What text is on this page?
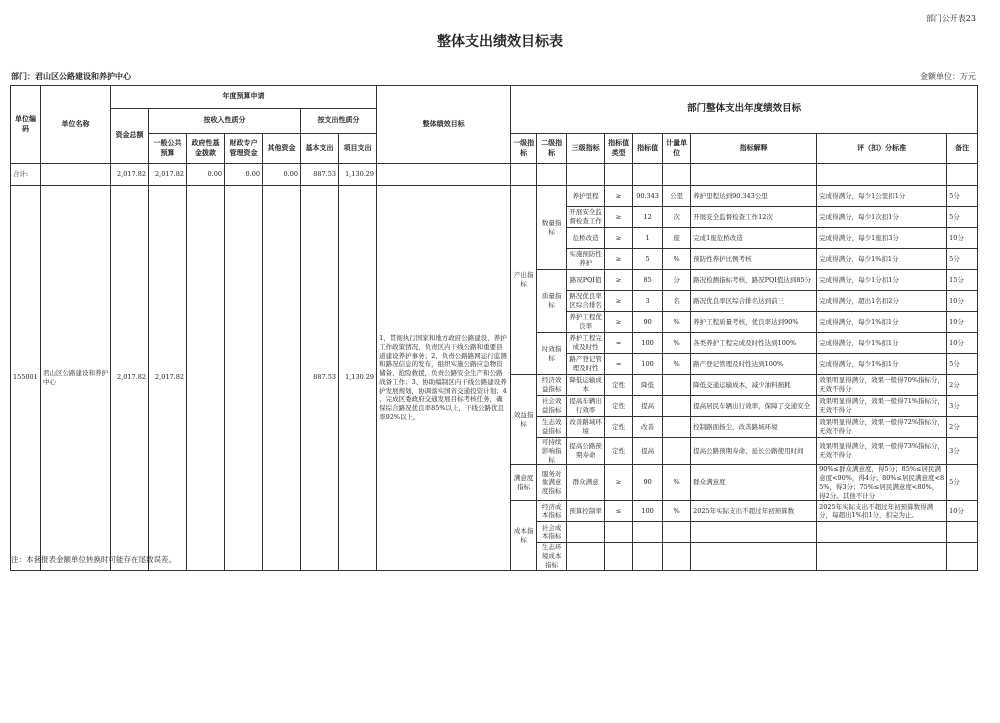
部门公开表23
整体支出绩效目标表
部门：君山区公路建设和养护中心	金额单位：万元
单位编码	单位名称	年度预算申请							整体绩效目标	部门整体支出年度绩效目标								
		资金总额	按收入性质分				按支出性质分											
			一般公共预算	政府性基金拨款	财政专户管理资金	其他资金	基本支出	项目支出		一级指标	二级指标	三级指标	指标值类型	指标值	计量单位	指标解释	评（扣）分标准	备注
合计:		2,017.82	2,017.82	0.00	0.00	0.00	887.53	1,130.29										
155001	君山区公路建设和养护中心	2,017.82	2,017.82				887.53	1,130.29	1、贯彻执行国家和地方政府公路建设、养护工作政策情况，负责区内干线公路和重要县道建设养护事务；2、负责公路路网运行监测和路况信息的发布，组织实施公路应急物资储备、抢险救援，负责公路安全生产和公路战备工作；3、协助编制区内干线公路建设养护发展规划，协调落实国省交通投资计划；4 、完成区委政府交通发展目标考核任务，确保综合路况优良率85%以上，干线公路优良率92%以上。	产出指标	数量指标	养护里程	≥	90.343	公里	养护里程达到90.343公里	完成得满分，每少1公里扣1分	5分
												开展安全监督检查工作	≥	12	次	开展安全监督检查工作12次	完成得满分，每少1次扣1分	5分
												危桥改造	≥	1	座	完成1座危桥改造	完成得满分，每少1座扣3分	10分
												实施预防性养护	≥	5	%	预防性养护比例考核	完成得满分，每少1%扣1分	5分
											质量指标	路况PQI值	≥	85	分	路况检测指标考核，路况PQI值达到85分	完成得满分，每少1分扣1分	15分
												路况优良率区综合排名	≥	3	名	路况优良率区综合排名达到前三	完成得满分，超出1名扣2分	10分
												养护工程优良率	≥	90	%	养护工程质量考核，优良率达到90%	完成得满分，每少1%扣1分	10分
											时效指标	养护工程完成及时性	=	100	%	各类养护工程完成及时性达到100%	完成得满分，每少1%扣1分	10分
												路产登记管理及时性	=	100	%	路产登记管理及时性达到100%	完成得满分，每少1%扣1分	5分
										效益指标	经济效益指标	降低运输成本	定性	降低		降低交通运输成本，减少油料损耗	效果明显得满分，效果一般得70%指标分，无效不得分	2分
											社会效益指标	提高车辆出行效率	定性	提高		提高居民车辆出行效率，保障了交通安全	效果明显得满分，效果一般得71%指标分，无效不得分	3分
											生态效益指标	改善路域环境	定性	改善		控制路面扬尘，改善路域环境	效果明显得满分，效果一般得72%指标分，无效不得分	2分
											可持续影响指标	提高公路预期寿命	定性	提高		提高公路预期寿命，延长公路使用时间	效果明显得满分，效果一般得73%指标分，无效不得分	3分
										满意度指标	服务对象满意度指标	群众满意	≥	90	%	群众满意度	90%≤群众满意度，得5分；85%≤居民满意度<90%，得4分；80%≤居民满意度<85%，得3分；75%≤居民满意度<80%，得2分。其他不计分	5分
										成本指标	经济成本指标	预算控制率	≤	100	%	2025年实际支出不超过年初预算数	2025年实际支出不超过年初预算数得满分，每超出1%扣1分，扣完为止。	10分
											社会成本指标							
											生态环境成本指标							
注：本套报表金额单位转换时可能存在尾数误差。
